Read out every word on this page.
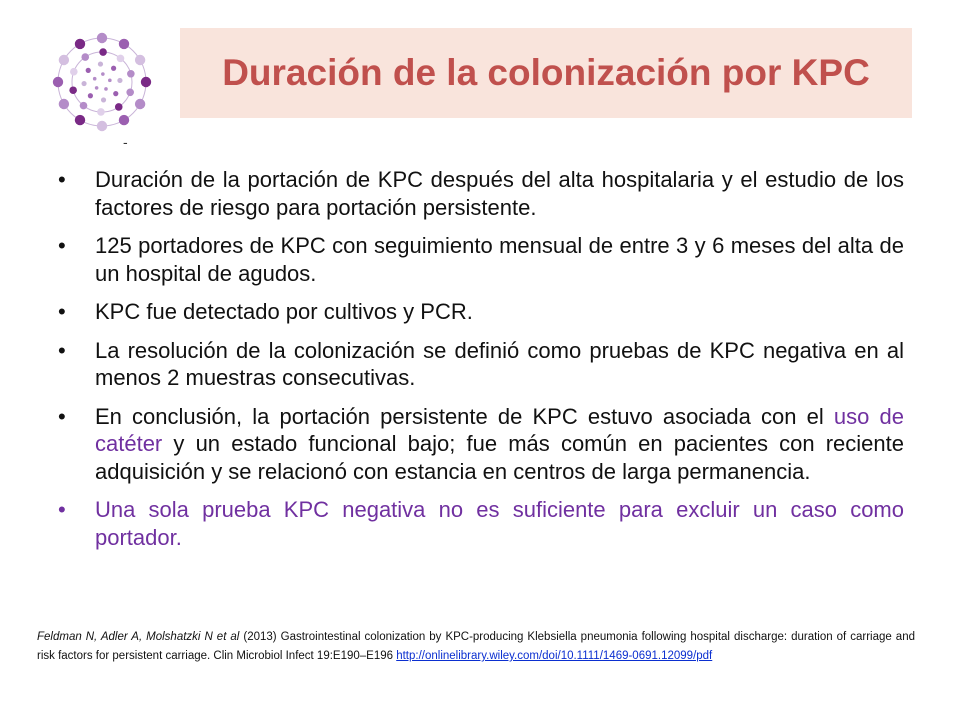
-
Duración de la colonización por KPC
• Duración de la portación de KPC después del alta hospitalaria y el estudio de los factores de riesgo para portación persistente.
• 125 portadores de KPC con seguimiento mensual de entre 3 y 6 meses del alta de un hospital de agudos.
• KPC fue detectado por cultivos y PCR.
• La resolución de la colonización se definió como pruebas de KPC negativa en al menos 2 muestras consecutivas.
• En conclusión, la portación persistente de KPC estuvo asociada con el uso de catéter y un estado funcional bajo; fue más común en pacientes con reciente adquisición y se relacionó con estancia en centros de larga permanencia.
• Una sola prueba KPC negativa no es suficiente para excluir un caso como portador.
Feldman N, Adler A, Molshatzki N et al (2013) Gastrointestinal colonization by KPC-producing Klebsiella pneumonia following hospital discharge: duration of carriage and risk factors for persistent carriage. Clin Microbiol Infect 19:E190–E196 http://onlinelibrary.wiley.com/doi/10.1111/1469-0691.12099/pdf
